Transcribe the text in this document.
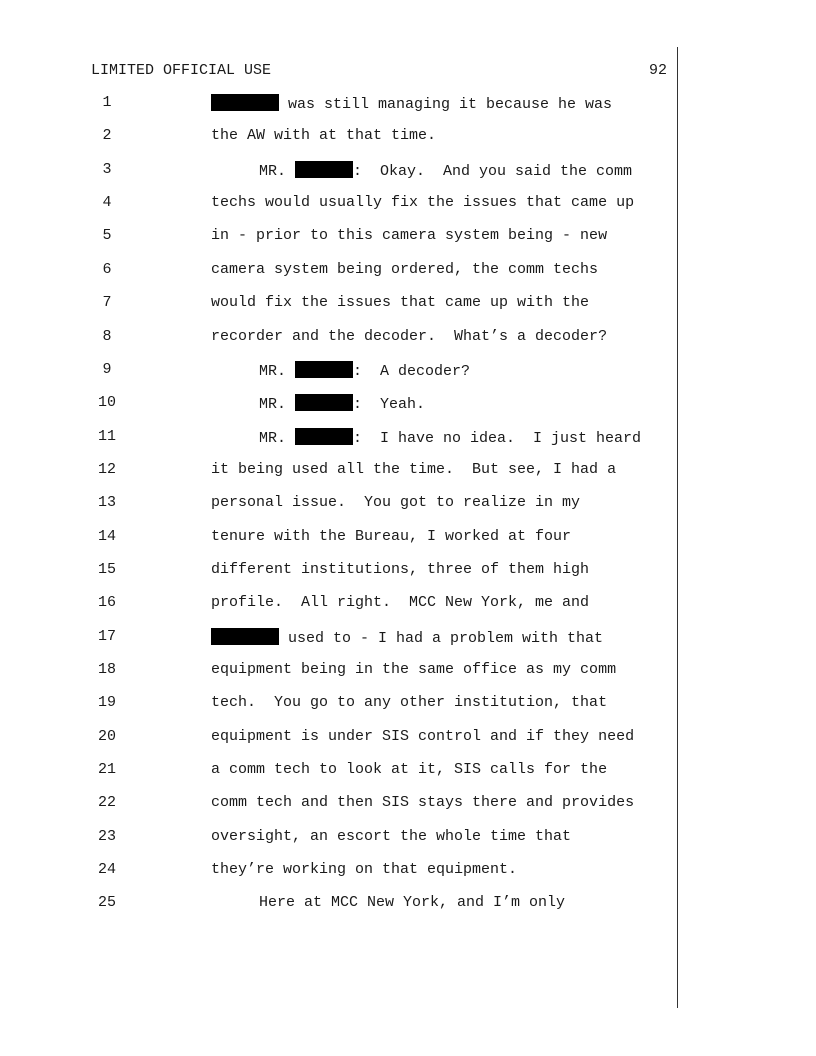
LIMITED OFFICIAL USE	92
1	was still managing it because he was
2	the AW with at that time.
3	MR.	:  Okay.  And you said the comm
4	techs would usually fix the issues that came up
5	in - prior to this camera system being - new
6	camera system being ordered, the comm techs
7	would fix the issues that came up with the
8	recorder and the decoder.  What’s a decoder?
9	MR.	:  A decoder?
10	MR.	:  Yeah.
11	MR.	:  I have no idea.  I just heard
12	it being used all the time.  But see, I had a
13	personal issue.  You got to realize in my
14	tenure with the Bureau, I worked at four
15	different institutions, three of them high
16	profile.  All right.  MCC New York, me and
17	used to - I had a problem with that
18	equipment being in the same office as my comm
19	tech.  You go to any other institution, that
20	equipment is under SIS control and if they need
21	a comm tech to look at it, SIS calls for the
22	comm tech and then SIS stays there and provides
23	oversight, an escort the whole time that
24	they’re working on that equipment.
25	Here at MCC New York, and I’m only
